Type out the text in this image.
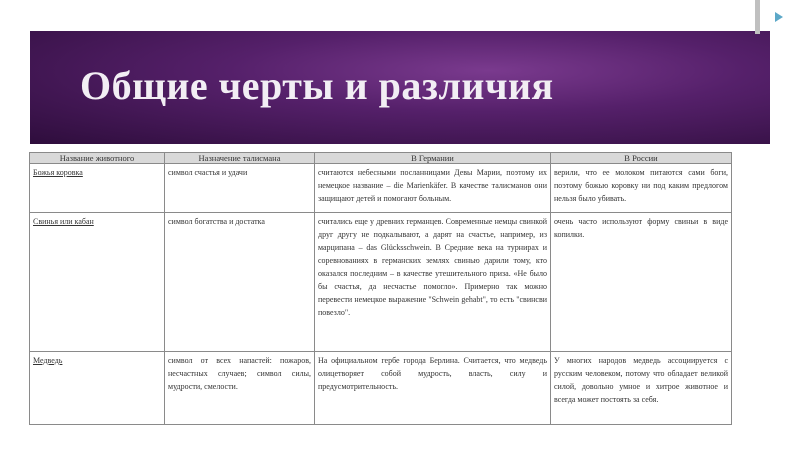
Общие черты и различия
Название животного	Назначение талисмана	В Германии	В России
Божья коровка	символ счастья и удачи	считаются небесными посланницами Девы Марии, поэтому их немецкое название – die Marienkäfer. В качестве талисманов они защищают детей и помогают больным.	верили, что ее молоком питаются сами боги, поэтому божью коровку ни под каким предлогом нельзя было убивать.
Свинья или кабан	символ богатства и достатка	считались еще у древних германцев. Современные немцы свинкой друг другу не подкалывают, а дарят на счастье, например, из марципана – das Glücksschwein. В Средние века на турнирах и соревнованиях в германских землях свинью дарили тому, кто оказался последним – в качестве утешительного приза. «Не было бы счастья, да несчастье помогло». Примерно так можно перевести немецкое выражение "Schwein gehabt", то есть "свинсви повезло".	очень часто используют форму свиньи в виде копилки.
Медведь	символ от всех напастей: пожаров, несчастных случаев; символ силы, мудрости, смелости.	На официальном гербе города Берлина. Считается, что медведь олицетворяет собой мудрость, власть, силу и предусмотрительность.	У многих народов медведь ассоциируется с русским человеком, потому что обладает великой силой, довольно умное и хитрое животное и всегда может постоять за себя.
